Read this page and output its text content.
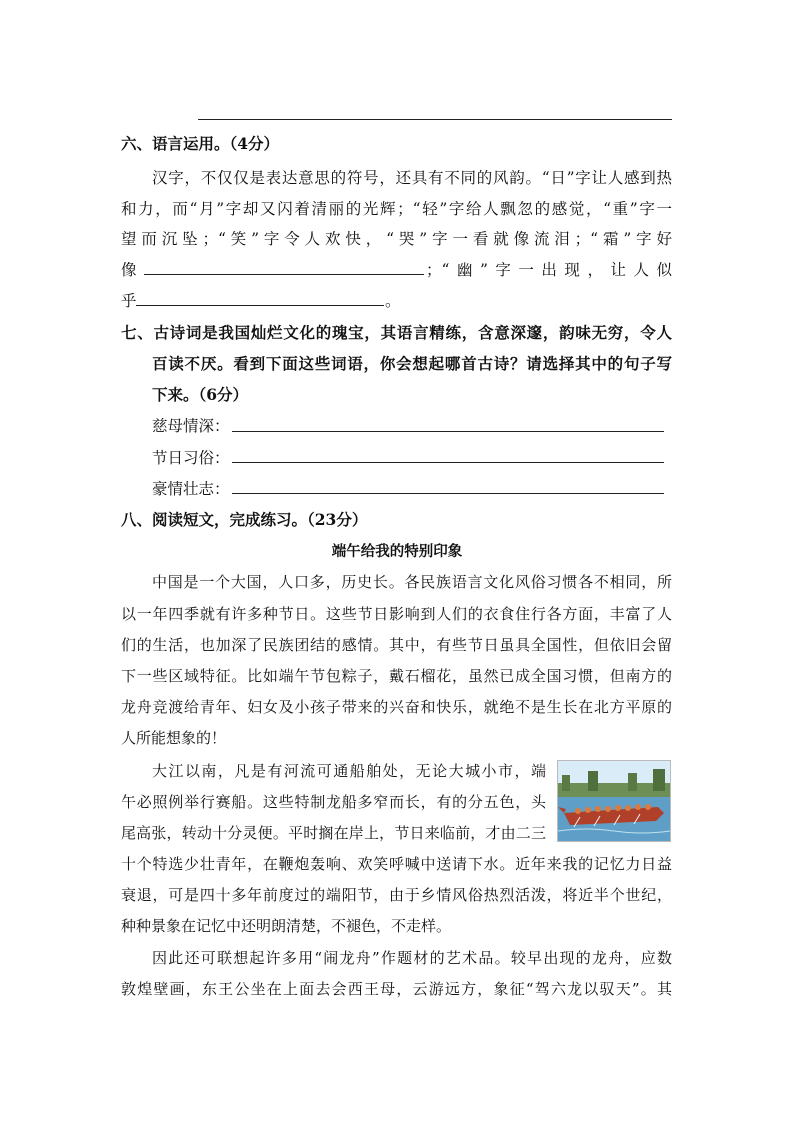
六、语言运用。（4分）
汉字，不仅仅是表达意思的符号，还具有不同的风韵。“日”字让人感到热
和力，而“月”字却又闪着清丽的光辉；“轻”字给人飘忽的感觉，“重”字一
望而沉坠；“笑”字令人欢快，“哭”字一看就像流泪；“霜”字好
像	；“幽”字一出现，让人似
乎	。
七、古诗词是我国灿烂文化的瑰宝，其语言精练，含意深邃，韵味无穷，令人
百读不厌。看到下面这些词语，你会想起哪首古诗？请选择其中的句子写
下来。（6分）
慈母情深：
节日习俗：
豪情壮志：
八、阅读短文，完成练习。（23分）
端午给我的特别印象
中国是一个大国，人口多，历史长。各民族语言文化风俗习惯各不相同，所
以一年四季就有许多种节日。这些节日影响到人们的衣食住行各方面，丰富了人
们的生活，也加深了民族团结的感情。其中，有些节日虽具全国性，但依旧会留
下一些区域特征。比如端午节包粽子，戴石榴花，虽然已成全国习惯，但南方的
龙舟竞渡给青年、妇女及小孩子带来的兴奋和快乐，就绝不是生长在北方平原的
人所能想象的！
大江以南，凡是有河流可通船舶处，无论大城小市，端
午必照例举行赛船。这些特制龙船多窄而长，有的分五色，头
尾高张，转动十分灵便。平时搁在岸上，节日来临前，才由二三
十个特选少壮青年，在鞭炮轰响、欢笑呼喊中送请下水。近年来我的记忆力日益
衰退，可是四十多年前度过的端阳节，由于乡情风俗热烈活泼，将近半个世纪，
种种景象在记忆中还明朗清楚，不褪色，不走样。
因此还可联想起许多用“闹龙舟”作题材的艺术品。较早出现的龙舟，应数
敦煌壁画，东王公坐在上面去会西王母，云游远方，象征“驾六龙以驭天”。其
